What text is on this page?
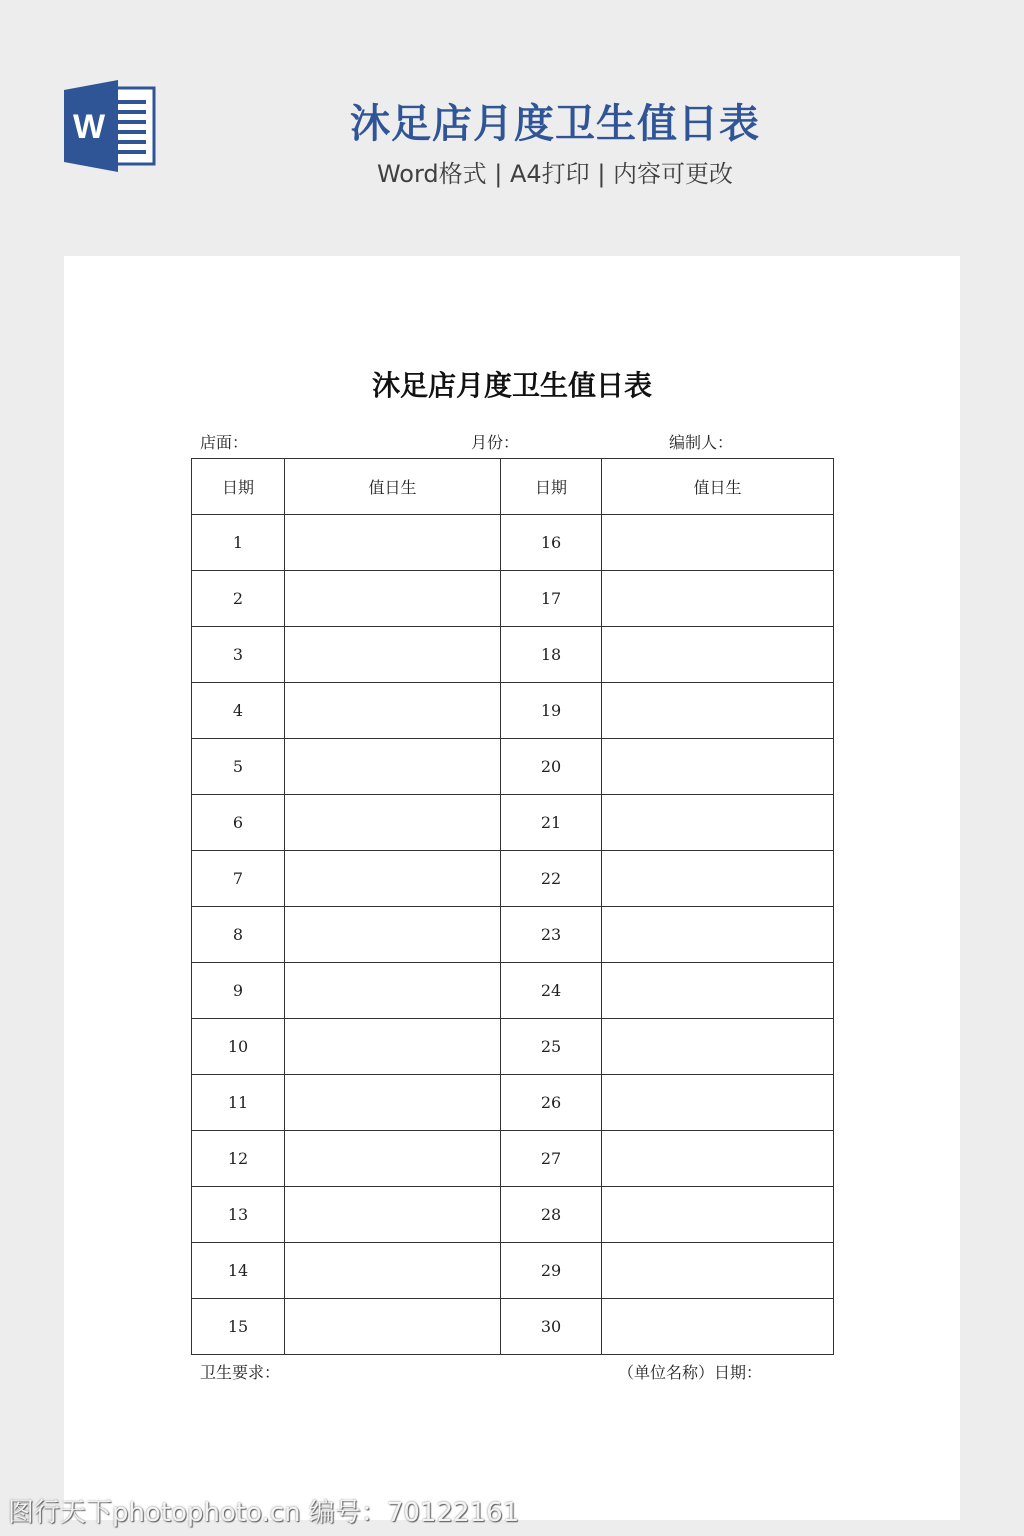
W	沐足店月度卫生值日表
Word格式 | A4打印 | 内容可更改
沐足店月度卫生值日表
店面：	月份：	编制人：
日期	值日生	日期	值日生
1		16	
2		17	
3		18	
4		19	
5		20	
6		21	
7		22	
8		23	
9		24	
10		25	
11		26	
12		27	
13		28	
14		29	
15		30	
卫生要求：	（单位名称）日期：
图行天下photophoto.cn 编号：70122161
